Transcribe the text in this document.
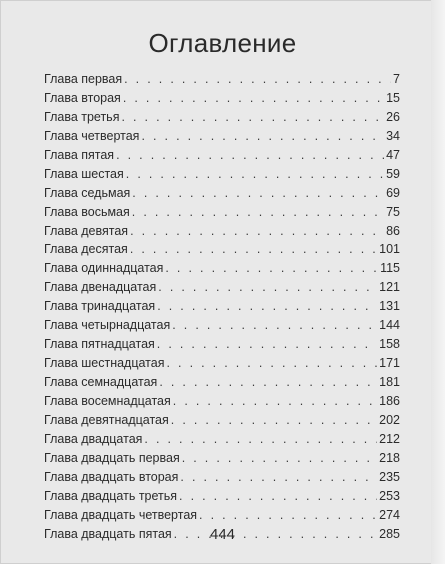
Оглавление
Глава первая . . .	7
Глава вторая . . .	15
Глава третья . . .	26
Глава четвертая . . .	34
Глава пятая . . .	47
Глава шестая . . .	59
Глава седьмая . . .	69
Глава восьмая . . .	75
Глава девятая . . .	86
Глава десятая . . .	101
Глава одиннадцатая . . .	115
Глава двенадцатая . . .	121
Глава тринадцатая . . .	131
Глава четырнадцатая . . .	144
Глава пятнадцатая . . .	158
Глава шестнадцатая . . .	171
Глава семнадцатая . . .	181
Глава восемнадцатая . . .	186
Глава девятнадцатая . . .	202
Глава двадцатая . . .	212
Глава двадцать первая . . .	218
Глава двадцать вторая . . .	235
Глава двадцать третья . . .	253
Глава двадцать четвертая . . .	274
Глава двадцать пятая . . .	285
444
